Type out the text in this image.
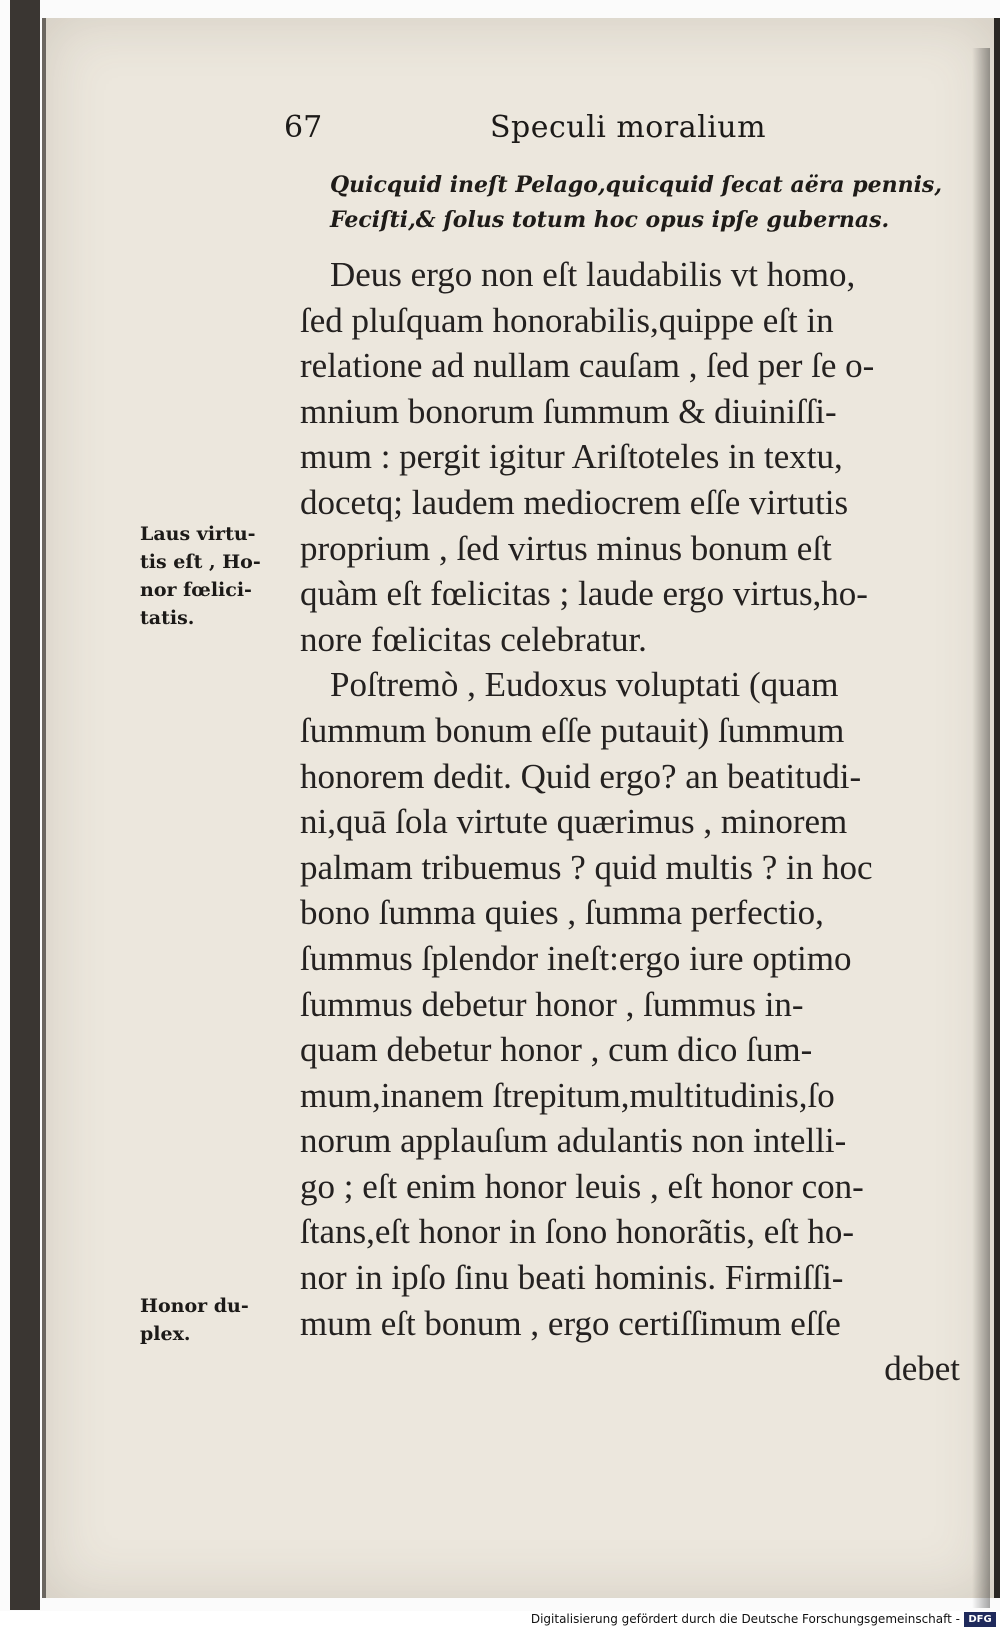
67	Speculi moralium
Quicquid ineſt Pelago,quicquid ſecat aëra pennis,
Feciſti,& ſolus totum hoc opus ipſe gubernas.
Deus ergo non eſt laudabilis vt homo,
ſed pluſquam honorabilis,quippe eſt in
relatione ad nullam cauſam , ſed per ſe o-
mnium bonorum ſummum & diuiniſſi-
mum : pergit igitur Ariſtoteles in textu,
docetq; laudem mediocrem eſſe virtutis
proprium , ſed virtus minus bonum eſt
quàm eſt fœlicitas ; laude ergo virtus,ho-
nore fœlicitas celebratur.
Poſtremò , Eudoxus voluptati (quam
ſummum bonum eſſe putauit) ſummum
honorem dedit. Quid ergo? an beatitudi-
ni,quā ſola virtute quærimus , minorem
palmam tribuemus ? quid multis ? in hoc
bono ſumma quies , ſumma perfectio,
ſummus ſplendor ineſt:ergo iure optimo
ſummus debetur honor , ſummus in-
quam debetur honor , cum dico ſum-
mum,inanem ſtrepitum,multitudinis,ſo
norum applauſum adulantis non intelli-
go ; eſt enim honor leuis , eſt honor con-
ſtans,eſt honor in ſono honorãtis, eſt ho-
nor in ipſo ſinu beati hominis. Firmiſſi-
mum eſt bonum , ergo certiſſimum eſſe
debet
Laus virtu-
tis eſt , Ho-
nor fœlici-
tatis.
Honor du-
plex.
Digitalisierung gefördert durch die Deutsche Forschungsgemeinschaft - DFG
